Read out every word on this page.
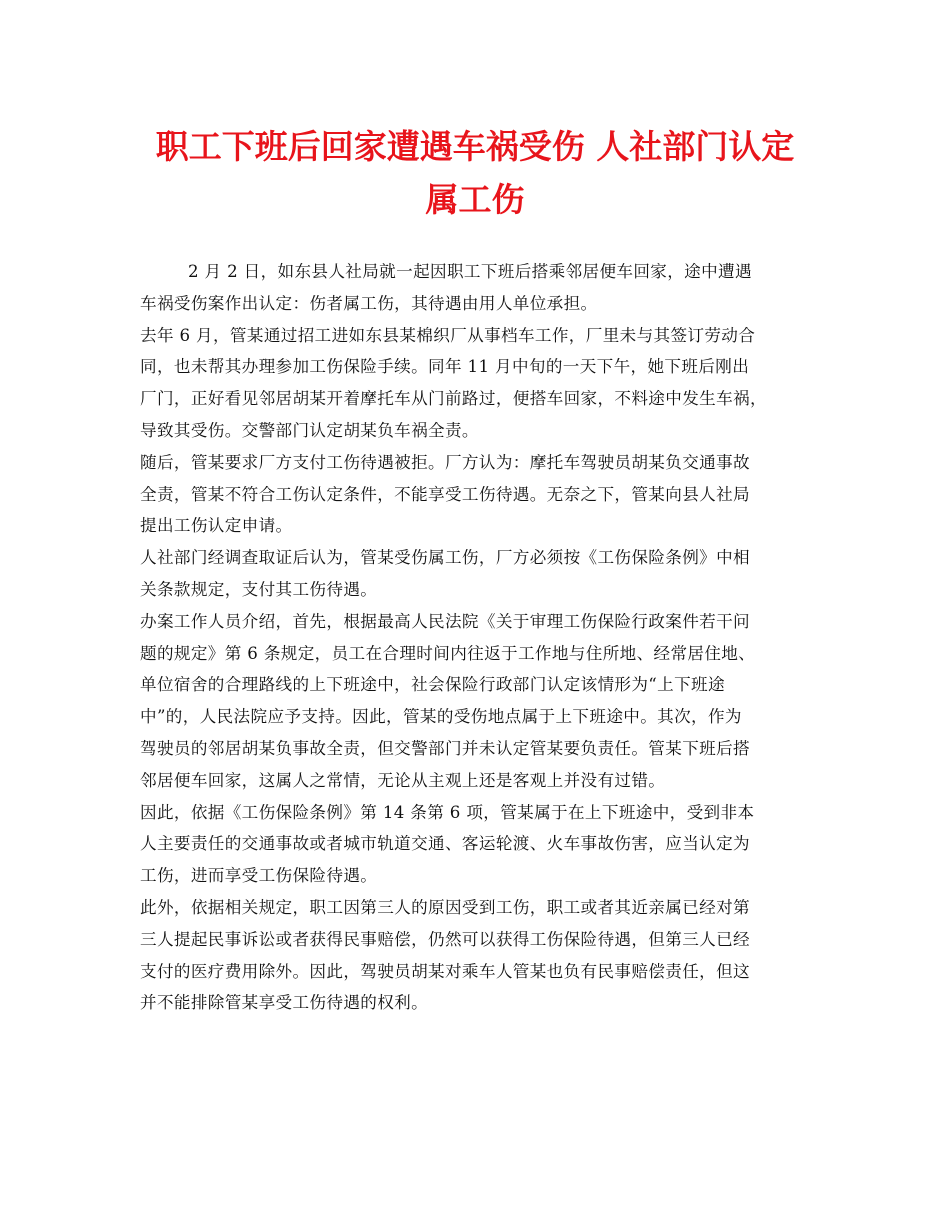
职工下班后回家遭遇车祸受伤 人社部门认定
属工伤
2 月 2 日，如东县人社局就一起因职工下班后搭乘邻居便车回家，途中遭遇
车祸受伤案作出认定：伤者属工伤，其待遇由用人单位承担。
去年 6 月，管某通过招工进如东县某棉织厂从事档车工作，厂里未与其签订劳动合
同，也未帮其办理参加工伤保险手续。同年 11 月中旬的一天下午，她下班后刚出
厂门，正好看见邻居胡某开着摩托车从门前路过，便搭车回家，不料途中发生车祸，
导致其受伤。交警部门认定胡某负车祸全责。
随后，管某要求厂方支付工伤待遇被拒。厂方认为：摩托车驾驶员胡某负交通事故
全责，管某不符合工伤认定条件，不能享受工伤待遇。无奈之下，管某向县人社局
提出工伤认定申请。
人社部门经调查取证后认为，管某受伤属工伤，厂方必须按《工伤保险条例》中相
关条款规定，支付其工伤待遇。
办案工作人员介绍，首先，根据最高人民法院《关于审理工伤保险行政案件若干问
题的规定》第 6 条规定，员工在合理时间内往返于工作地与住所地、经常居住地、
单位宿舍的合理路线的上下班途中，社会保险行政部门认定该情形为“上下班途
中”的，人民法院应予支持。因此，管某的受伤地点属于上下班途中。其次，作为
驾驶员的邻居胡某负事故全责，但交警部门并未认定管某要负责任。管某下班后搭
邻居便车回家，这属人之常情，无论从主观上还是客观上并没有过错。
因此，依据《工伤保险条例》第 14 条第 6 项，管某属于在上下班途中，受到非本
人主要责任的交通事故或者城市轨道交通、客运轮渡、火车事故伤害，应当认定为
工伤，进而享受工伤保险待遇。
此外，依据相关规定，职工因第三人的原因受到工伤，职工或者其近亲属已经对第
三人提起民事诉讼或者获得民事赔偿，仍然可以获得工伤保险待遇，但第三人已经
支付的医疗费用除外。因此，驾驶员胡某对乘车人管某也负有民事赔偿责任，但这
并不能排除管某享受工伤待遇的权利。
